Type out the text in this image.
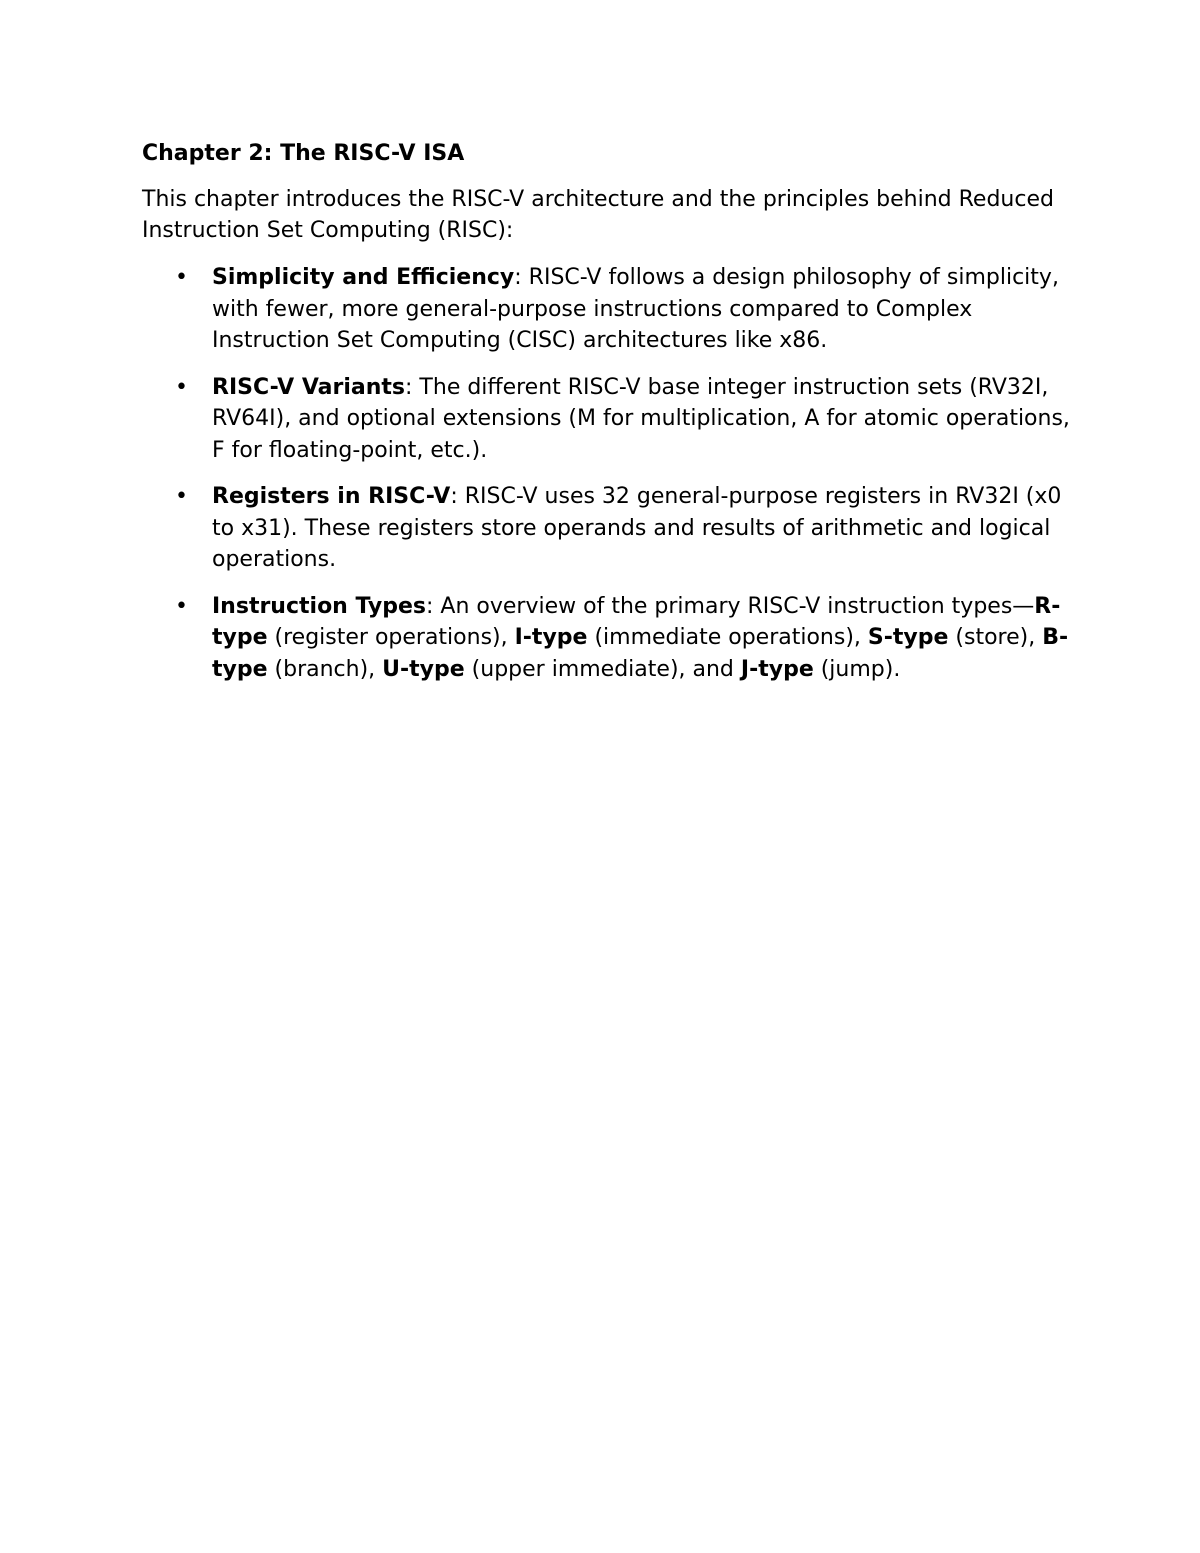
Chapter 2: The RISC-V ISA

This chapter introduces the RISC-V architecture and the principles behind Reduced Instruction Set Computing (RISC):

• Simplicity and Efficiency: RISC-V follows a design philosophy of simplicity, with fewer, more general-purpose instructions compared to Complex Instruction Set Computing (CISC) architectures like x86.
• RISC-V Variants: The different RISC-V base integer instruction sets (RV32I, RV64I), and optional extensions (M for multiplication, A for atomic operations, F for floating-point, etc.).
• Registers in RISC-V: RISC-V uses 32 general-purpose registers in RV32I (x0 to x31). These registers store operands and results of arithmetic and logical operations.
• Instruction Types: An overview of the primary RISC-V instruction types—R-type (register operations), I-type (immediate operations), S-type (store), B-type (branch), U-type (upper immediate), and J-type (jump).
